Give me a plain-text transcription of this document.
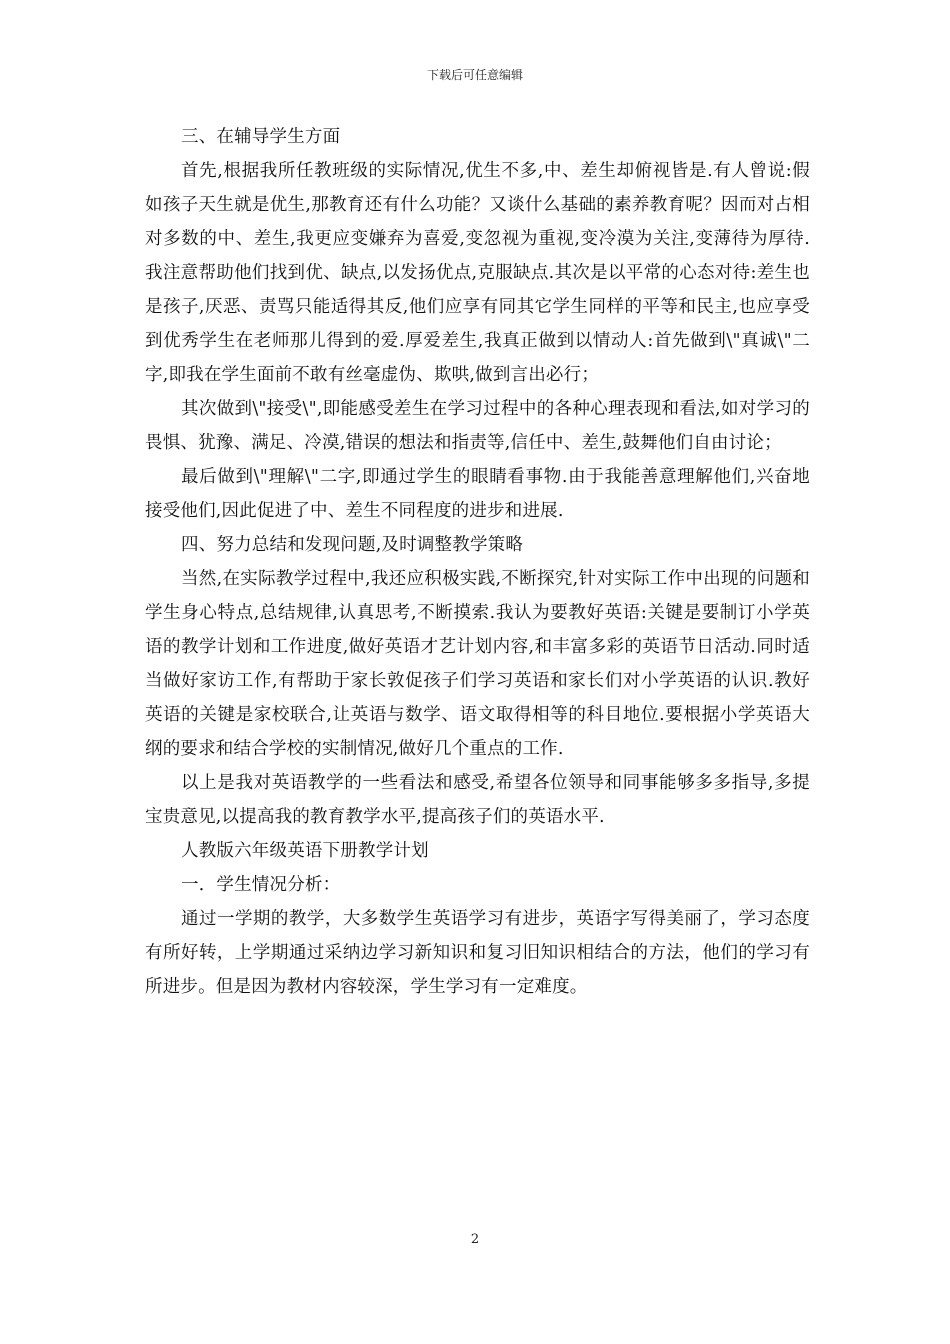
下载后可任意编辑

三、在辅导学生方面

首先,根据我所任教班级的实际情况,优生不多,中、差生却俯视皆是.有人曾说:假如孩子天生就是优生,那教育还有什么功能？又谈什么基础的素养教育呢？因而对占相对多数的中、差生,我更应变嫌弃为喜爱,变忽视为重视,变冷漠为关注,变薄待为厚待.我注意帮助他们找到优、缺点,以发扬优点,克服缺点.其次是以平常的心态对待:差生也是孩子,厌恶、责骂只能适得其反,他们应享有同其它学生同样的平等和民主,也应享受到优秀学生在老师那儿得到的爱.厚爱差生,我真正做到以情动人:首先做到\"真诚\"二字,即我在学生面前不敢有丝毫虚伪、欺哄,做到言出必行；

其次做到\"接受\",即能感受差生在学习过程中的各种心理表现和看法,如对学习的畏惧、犹豫、满足、冷漠,错误的想法和指责等,信任中、差生,鼓舞他们自由讨论；

最后做到\"理解\"二字,即通过学生的眼睛看事物.由于我能善意理解他们,兴奋地接受他们,因此促进了中、差生不同程度的进步和进展.

四、努力总结和发现问题,及时调整教学策略

当然,在实际教学过程中,我还应积极实践,不断探究,针对实际工作中出现的问题和学生身心特点,总结规律,认真思考,不断摸索.我认为要教好英语:关键是要制订小学英语的教学计划和工作进度,做好英语才艺计划内容,和丰富多彩的英语节日活动.同时适当做好家访工作,有帮助于家长敦促孩子们学习英语和家长们对小学英语的认识.教好英语的关键是家校联合,让英语与数学、语文取得相等的科目地位.要根据小学英语大纲的要求和结合学校的实制情况,做好几个重点的工作.

以上是我对英语教学的一些看法和感受,希望各位领导和同事能够多多指导,多提宝贵意见,以提高我的教育教学水平,提高孩子们的英语水平.

人教版六年级英语下册教学计划

一．学生情况分析：

通过一学期的教学，大多数学生英语学习有进步，英语字写得美丽了，学习态度有所好转，上学期通过采纳边学习新知识和复习旧知识相结合的方法，他们的学习有所进步。但是因为教材内容较深，学生学习有一定难度。

2
